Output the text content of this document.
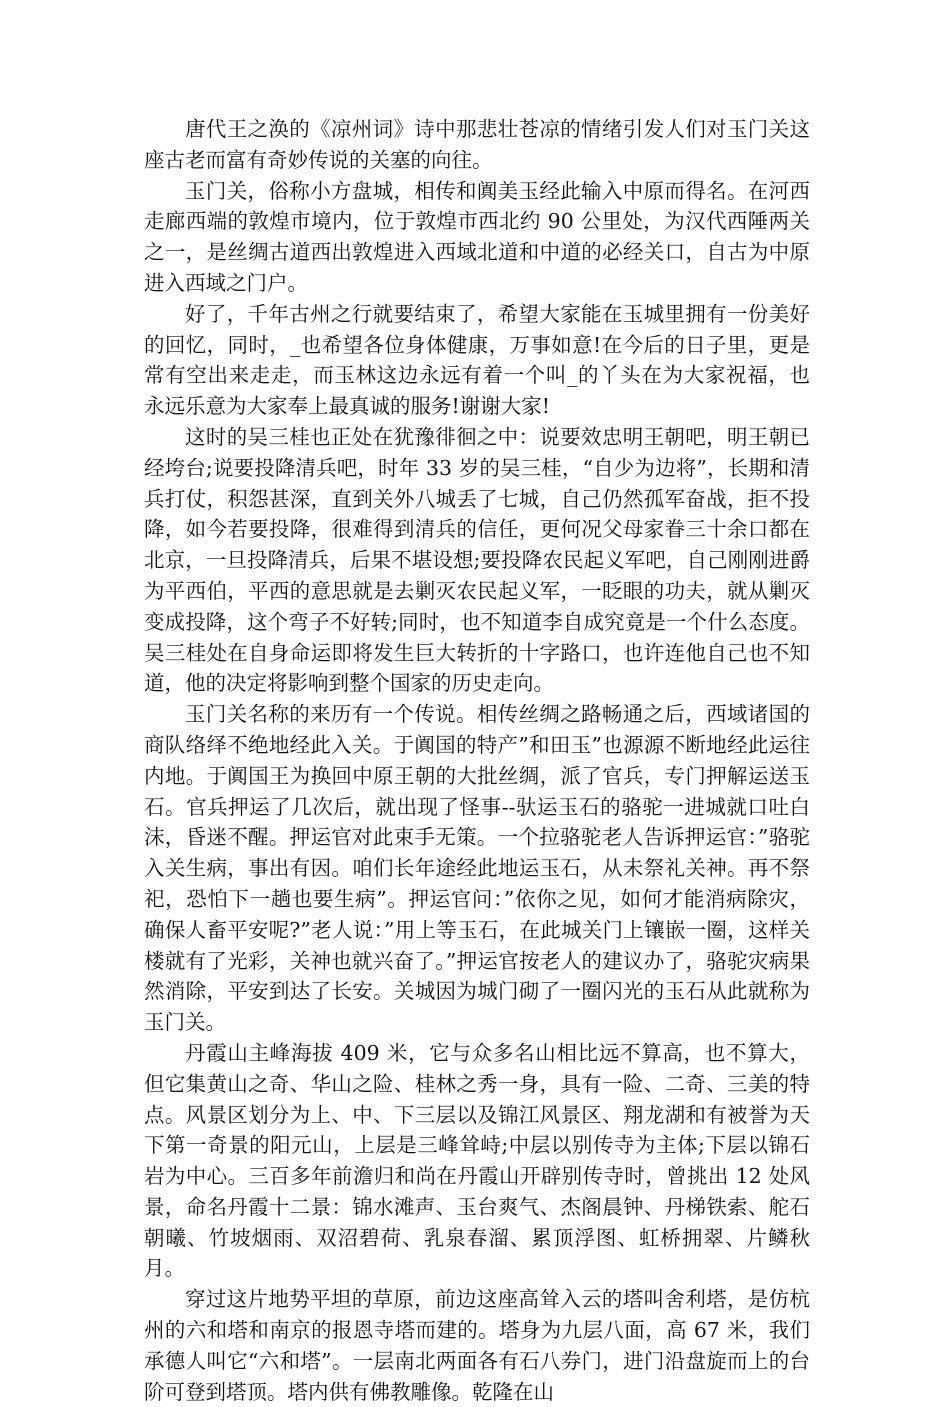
唐代王之涣的《凉州词》诗中那悲壮苍凉的情绪引发人们对玉门关这座古老而富有奇妙传说的关塞的向往。

玉门关，俗称小方盘城，相传和阗美玉经此输入中原而得名。在河西走廊西端的敦煌市境内，位于敦煌市西北约 90 公里处，为汉代西陲两关之一，是丝绸古道西出敦煌进入西域北道和中道的必经关口，自古为中原进入西域之门户。

好了，千年古州之行就要结束了，希望大家能在玉城里拥有一份美好的回忆，同时，_也希望各位身体健康，万事如意!在今后的日子里，更是常有空出来走走，而玉林这边永远有着一个叫_的丫头在为大家祝福，也永远乐意为大家奉上最真诚的服务!谢谢大家!

这时的吴三桂也正处在犹豫徘徊之中：说要效忠明王朝吧，明王朝已经垮台;说要投降清兵吧，时年 33 岁的吴三桂，“自少为边将”，长期和清兵打仗，积怨甚深，直到关外八城丢了七城，自己仍然孤军奋战，拒不投降，如今若要投降，很难得到清兵的信任，更何况父母家眷三十余口都在北京，一旦投降清兵，后果不堪设想;要投降农民起义军吧，自己刚刚进爵为平西伯，平西的意思就是去剿灭农民起义军，一眨眼的功夫，就从剿灭变成投降，这个弯子不好转;同时，也不知道李自成究竟是一个什么态度。吴三桂处在自身命运即将发生巨大转折的十字路口，也许连他自己也不知道，他的决定将影响到整个国家的历史走向。

玉门关名称的来历有一个传说。相传丝绸之路畅通之后，西域诸国的商队络绎不绝地经此入关。于阗国的特产”和田玉”也源源不断地经此运往内地。于阗国王为换回中原王朝的大批丝绸，派了官兵，专门押解运送玉石。官兵押运了几次后，就出现了怪事--驮运玉石的骆驼一进城就口吐白沫，昏迷不醒。押运官对此束手无策。一个拉骆驼老人告诉押运官：”骆驼入关生病，事出有因。咱们长年途经此地运玉石，从未祭礼关神。再不祭祀，恐怕下一趟也要生病”。押运官问：”依你之见，如何才能消病除灾，确保人畜平安呢?”老人说：”用上等玉石，在此城关门上镶嵌一圈，这样关楼就有了光彩，关神也就兴奋了。”押运官按老人的建议办了，骆驼灾病果然消除，平安到达了长安。关城因为城门砌了一圈闪光的玉石从此就称为玉门关。

丹霞山主峰海拔 409 米，它与众多名山相比远不算高，也不算大，但它集黄山之奇、华山之险、桂林之秀一身，具有一险、二奇、三美的特点。风景区划分为上、中、下三层以及锦江风景区、翔龙湖和有被誉为天下第一奇景的阳元山，上层是三峰耸峙;中层以别传寺为主体;下层以锦石岩为中心。三百多年前澹归和尚在丹霞山开辟别传寺时，曾挑出 12 处风景，命名丹霞十二景：锦水滩声、玉台爽气、杰阁晨钟、丹梯铁索、舵石朝曦、竹坡烟雨、双沼碧荷、乳泉春溜、累顶浮图、虹桥拥翠、片鳞秋月。

穿过这片地势平坦的草原，前边这座高耸入云的塔叫舍利塔，是仿杭州的六和塔和南京的报恩寺塔而建的。塔身为九层八面，高 67 米，我们承德人叫它“六和塔”。一层南北两面各有石八券门，进门沿盘旋而上的台阶可登到塔顶。塔内供有佛教雕像。乾隆在山
